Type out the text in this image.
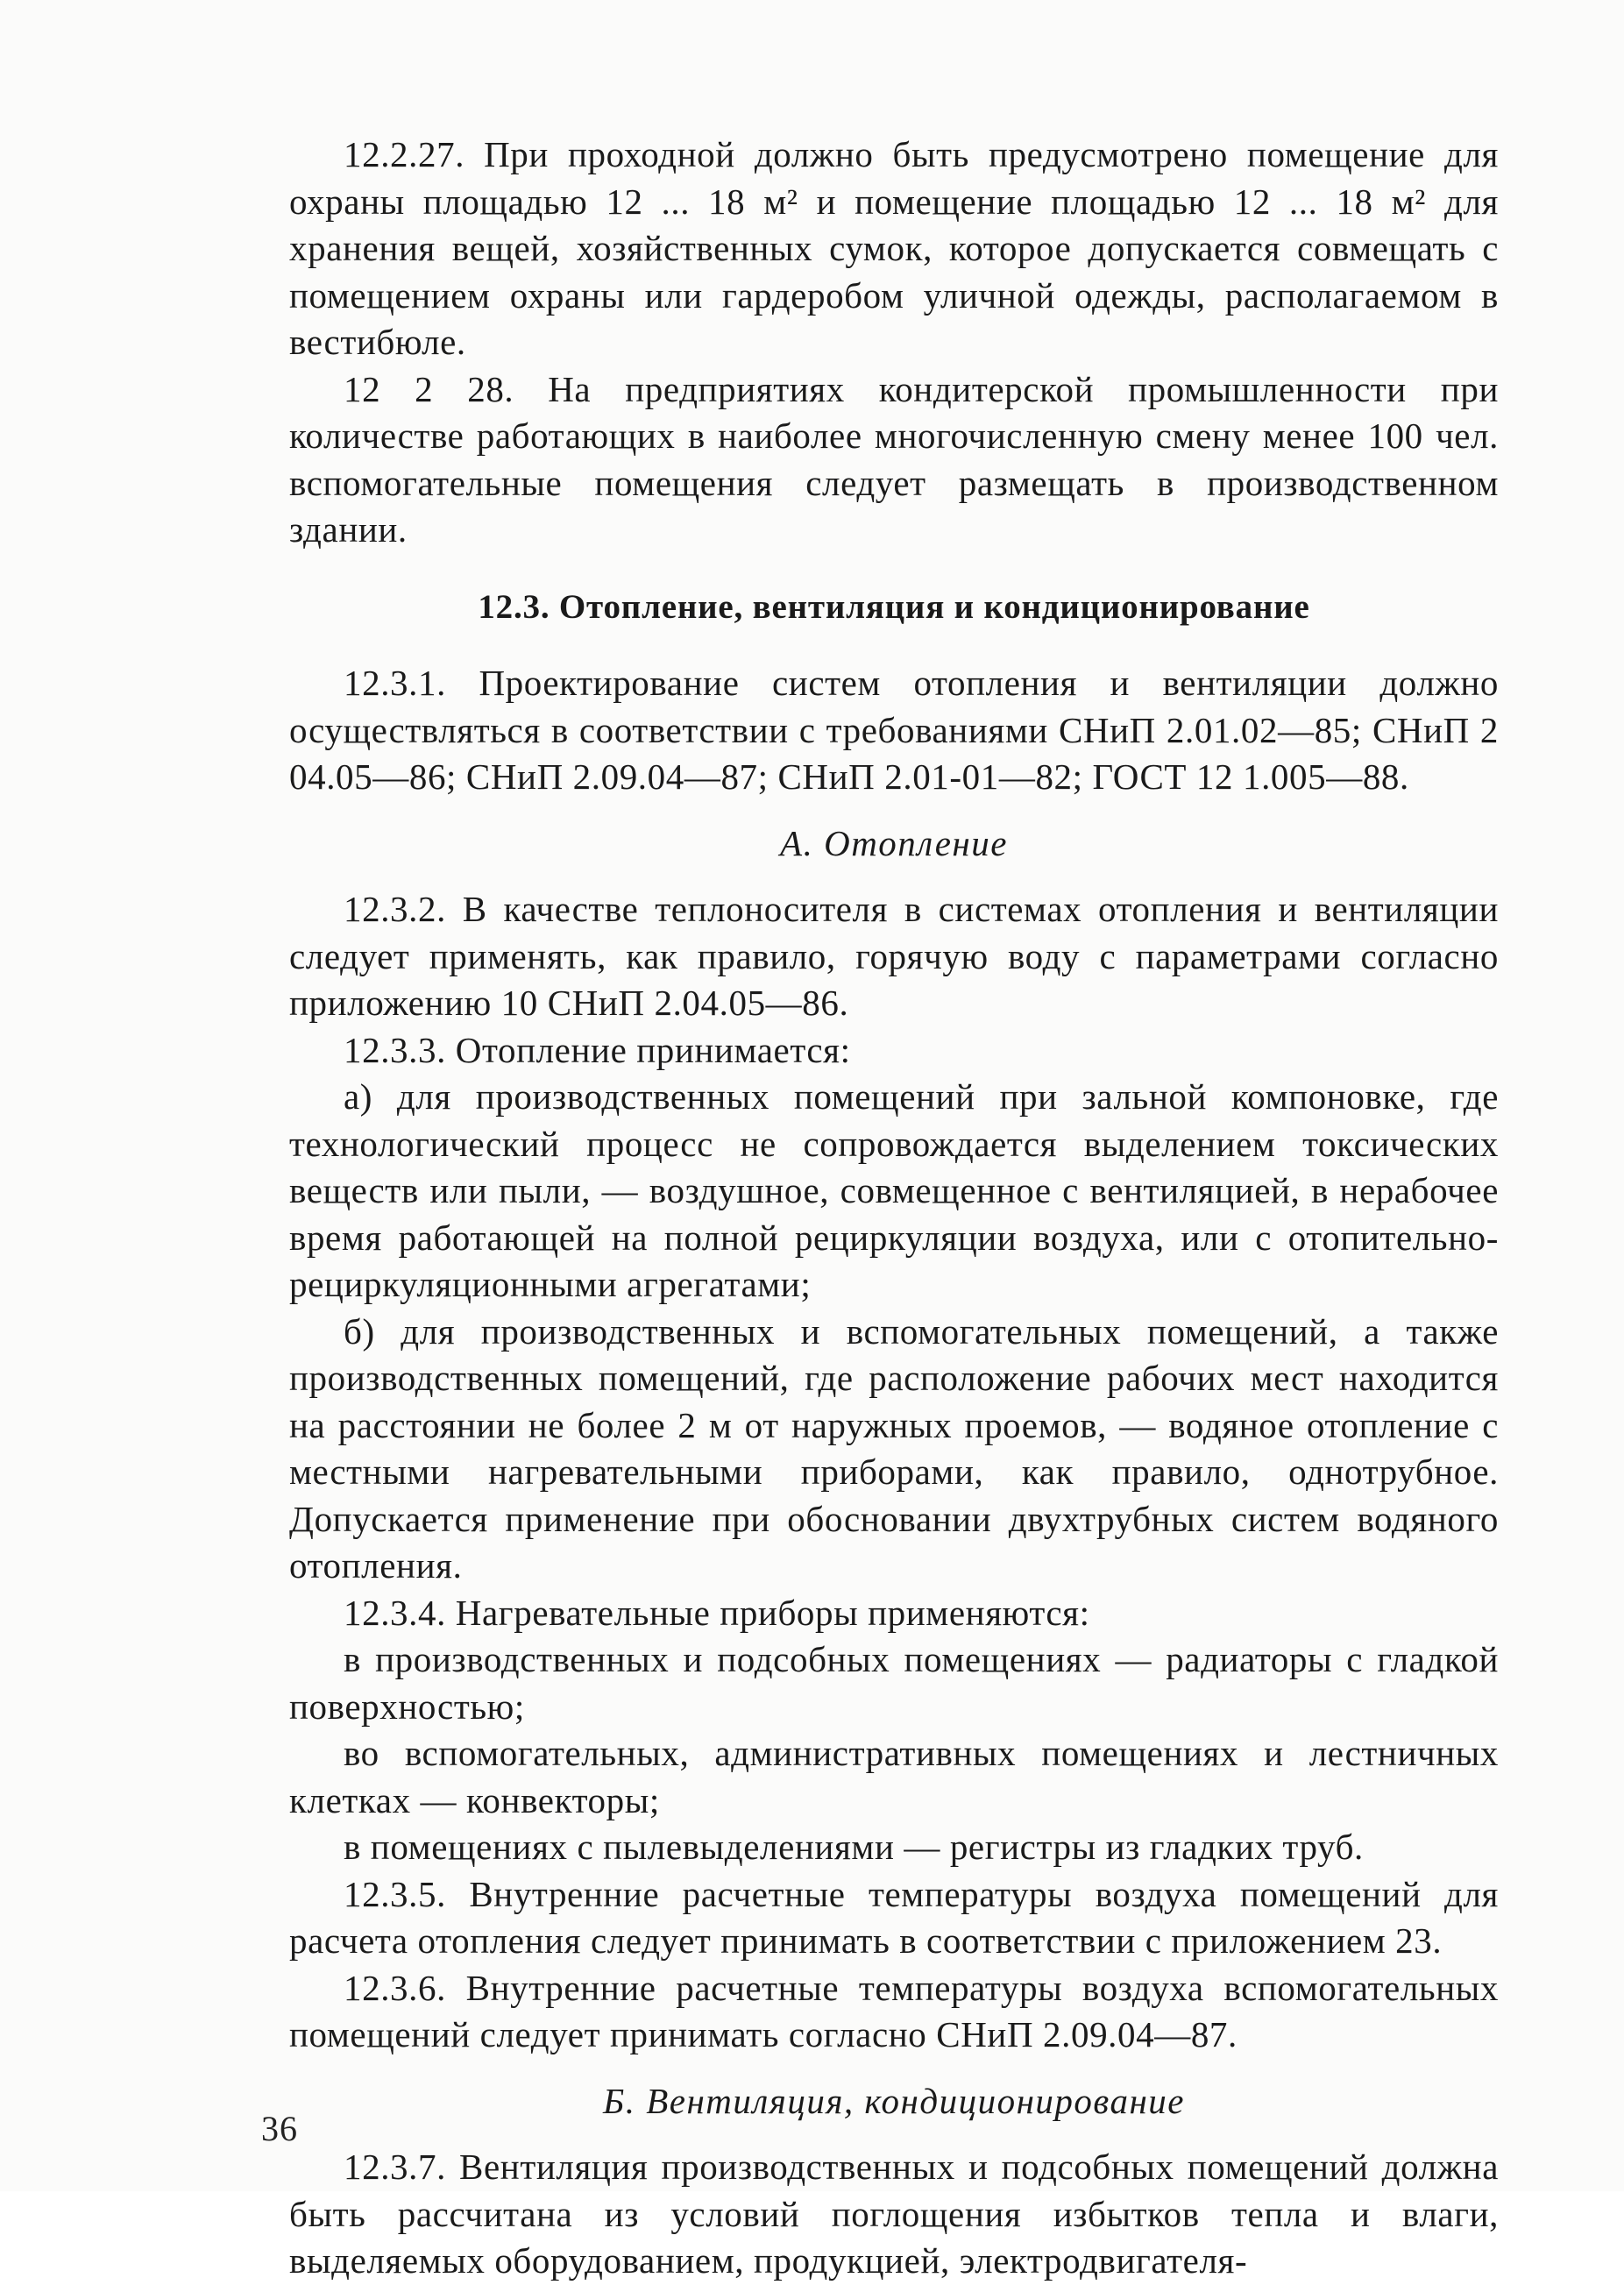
12.2.27. При проходной должно быть предусмотрено помещение для охраны площадью 12 ... 18 м² и помещение площадью 12 ... 18 м² для хранения вещей, хозяйственных сумок, которое допускается совмещать с помещением охраны или гардеробом уличной одежды, располагаемом в вестибюле.

12 2 28. На предприятиях кондитерской промышленности при количестве работающих в наиболее многочисленную смену менее 100 чел. вспомогательные помещения следует размещать в производственном здании.

12.3. Отопление, вентиляция и кондиционирование

12.3.1. Проектирование систем отопления и вентиляции должно осуществляться в соответствии с требованиями СНиП 2.01.02—85; СНиП 2 04.05—86; СНиП 2.09.04—87; СНиП 2.01-01—82; ГОСТ 12 1.005—88.

А. Отопление

12.3.2. В качестве теплоносителя в системах отопления и вентиляции следует применять, как правило, горячую воду с параметрами согласно приложению 10 СНиП 2.04.05—86.

12.3.3. Отопление принимается:

а) для производственных помещений при зальной компоновке, где технологический процесс не сопровождается выделением токсических веществ или пыли, — воздушное, совмещенное с вентиляцией, в нерабочее время работающей на полной рециркуляции воздуха, или с отопительно-рециркуляционными агрегатами;

б) для производственных и вспомогательных помещений, а также производственных помещений, где расположение рабочих мест находится на расстоянии не более 2 м от наружных проемов, — водяное отопление с местными нагревательными приборами, как правило, однотрубное. Допускается применение при обосновании двухтрубных систем водяного отопления.

12.3.4. Нагревательные приборы применяются:

в производственных и подсобных помещениях — радиаторы с гладкой поверхностью;

во вспомогательных, административных помещениях и лестничных клетках — конвекторы;

в помещениях с пылевыделениями — регистры из гладких труб.

12.3.5. Внутренние расчетные температуры воздуха помещений для расчета отопления следует принимать в соответствии с приложением 23.

12.3.6. Внутренние расчетные температуры воздуха вспомогательных помещений следует принимать согласно СНиП 2.09.04—87.

Б. Вентиляция, кондиционирование

12.3.7. Вентиляция производственных и подсобных помещений должна быть рассчитана из условий поглощения избытков тепла и влаги, выделяемых оборудованием, продукцией, электродвигателя-

36
